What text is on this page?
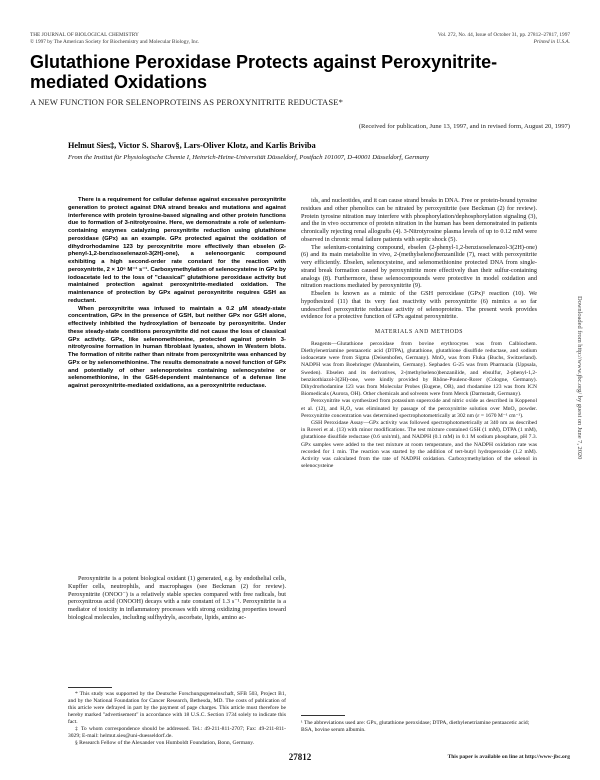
THE JOURNAL OF BIOLOGICAL CHEMISTRY
© 1997 by The American Society for Biochemistry and Molecular Biology, Inc.
Vol. 272, No. 44, Issue of October 31, pp. 27812–27817, 1997
Printed in U.S.A.
Glutathione Peroxidase Protects against Peroxynitrite-mediated Oxidations
A NEW FUNCTION FOR SELENOPROTEINS AS PEROXYNITRITE REDUCTASE*
(Received for publication, June 13, 1997, and in revised form, August 20, 1997)
Helmut Sies‡, Victor S. Sharov§, Lars-Oliver Klotz, and Karlis Briviba
From the Institut für Physiologische Chemie I, Heinrich-Heine-Universität Düsseldorf, Postfach 101007, D-40001 Düsseldorf, Germany

There is a requirement for cellular defense against excessive peroxynitrite generation to protect against DNA strand breaks and mutations and against interference with protein tyrosine-based signaling and other protein functions due to formation of 3-nitrotyrosine. Here, we demonstrate a role of selenium-containing enzymes catalyzing peroxynitrite reduction using glutathione peroxidase (GPx) as an example. GPx protected against the oxidation of dihydrorhodamine 123 by peroxynitrite more effectively than ebselen (2-phenyl-1,2-benzisoselenazol-3(2H)-one), a selenoorganic compound exhibiting a high second-order rate constant for the reaction with peroxynitrite, 2 × 10⁶ M⁻¹ s⁻¹. Carboxymethylation of selenocysteine in GPx by iodoacetate led to the loss of "classical" glutathione peroxidase activity but maintained protection against peroxynitrite-mediated oxidation. The maintenance of protection by GPx against peroxynitrite requires GSH as reductant.

When peroxynitrite was infused to maintain a 0.2 μM steady-state concentration, GPx in the presence of GSH, but neither GPx nor GSH alone, effectively inhibited the hydroxylation of benzoate by peroxynitrite. Under these steady-state conditions peroxynitrite did not cause the loss of classical GPx activity. GPx, like selenomethionine, protected against protein 3-nitrotyrosine formation in human fibroblast lysates, shown in Western blots. The formation of nitrite rather than nitrate from peroxynitrite was enhanced by GPx or by selenomethionine. The results demonstrate a novel function of GPx and potentially of other selenoproteins containing selenocysteine or selenomethionine, in the GSH-dependent maintenance of a defense line against peroxynitrite-mediated oxidations, as a peroxynitrite reductase.

Peroxynitrite is a potent biological oxidant (1) generated, e.g. by endothelial cells, Kupffer cells, neutrophils, and macrophages (see Beckman (2) for review). Peroxynitrite (ONOO⁻) is a relatively stable species compared with free radicals, but peroxynitrous acid (ONOOH) decays with a rate constant of 1.3 s⁻¹. Peroxynitrite is a mediator of toxicity in inflammatory processes with strong oxidizing properties toward biological molecules, including sulfhydryls, ascorbate, lipids, amino ac-

* This study was supported by the Deutsche Forschungsgemeinschaft, SFB 503, Project B1, and by the National Foundation for Cancer Research, Bethesda, MD. The costs of publication of this article were defrayed in part by the payment of page charges. This article must therefore be hereby marked "advertisement" in accordance with 18 U.S.C. Section 1734 solely to indicate this fact.

‡ To whom correspondence should be addressed. Tel.: 49-211-811-2707; Fax: 49-211-811-3029; E-mail: helmut.sies@uni-duesseldorf.de.

§ Research Fellow of the Alexander von Humboldt Foundation, Bonn, Germany.

ids, and nucleotides, and it can cause strand breaks in DNA. Free or protein-bound tyrosine residues and other phenolics can be nitrated by peroxynitrite (see Beckman (2) for review). Protein tyrosine nitration may interfere with phosphorylation/dephosphorylation signaling (3), and the in vivo occurrence of protein nitration in the human has been demonstrated in patients chronically rejecting renal allografts (4). 3-Nitrotyrosine plasma levels of up to 0.12 mM were observed in chronic renal failure patients with septic shock (5).

The selenium-containing compound, ebselen (2-phenyl-1,2-benzisoselenazol-3(2H)-one)(6) and its main metabolite in vivo, 2-(methylseleno)benzanilide (7), react with peroxynitrite very efficiently. Ebselen, selenocysteine, and selenomethionine protected DNA from single-strand break formation caused by peroxynitrite more effectively than their sulfur-containing analogs (8). Furthermore, these selenocompounds were protective in model oxidation and nitration reactions mediated by peroxynitrite (9).

Ebselen is known as a mimic of the GSH peroxidase (GPx)¹ reaction (10). We hypothesized (11) that its very fast reactivity with peroxynitrite (6) mimics a so far undescribed peroxynitrite reductase activity of selenoproteins. The present work provides evidence for a protective function of GPx against peroxynitrite.

MATERIALS AND METHODS

Reagents—Glutathione peroxidase from bovine erythrocytes was from Calbiochem. Diethylenetriamine pentaacetic acid (DTPA), glutathione, glutathione disulfide reductase, and sodium iodoacetate were from Sigma (Deisenhofen, Germany). MnO₂ was from Fluka (Buchs, Switzerland). NADPH was from Boehringer (Mannheim, Germany). Sephadex G-25 was from Pharmacia (Uppsala, Sweden). Ebselen and its derivatives, 2-(methylseleno)benzanilide, and ebsulfur, 2-phenyl-1,2-benzisothiazol-3(2H)-one, were kindly provided by Rhône-Poulenc-Rorer (Cologne, Germany). Dihydrorhodamine 123 was from Molecular Probes (Eugene, OR), and rhodamine 123 was from ICN Biomedicals (Aurora, OH). Other chemicals and solvents were from Merck (Darmstadt, Germany).

Peroxynitrite was synthesized from potassium superoxide and nitric oxide as described in Koppenol et al. (12), and H₂O₂ was eliminated by passage of the peroxynitrite solution over MnO₂ powder. Peroxynitrite concentration was determined spectrophotometrically at 302 nm (ε = 1670 M⁻¹ cm⁻¹).

GSH Peroxidase Assay—GPx activity was followed spectrophotometrically at 340 nm as described in Roveri et al. (13) with minor modifications. The test mixture contained GSH (1 mM), DTPA (1 mM), glutathione disulfide reductase (0.6 unit/ml), and NADPH (0.1 mM) in 0.1 M sodium phosphate, pH 7.3. GPx samples were added to the test mixture at room temperature, and the NADPH oxidation rate was recorded for 1 min. The reaction was started by the addition of tert-butyl hydroperoxide (1.2 mM). Activity was calculated from the rate of NADPH oxidation. Carboxymethylation of the selenol in selenocysteine

¹ The abbreviations used are: GPx, glutathione peroxidase; DTPA, diethylenetriamine pentaacetic acid; BSA, bovine serum albumin.
27812	This paper is available on line at http://www-jbc.org
Downloaded from http://www.jbc.org/ by guest on June 7, 2020
